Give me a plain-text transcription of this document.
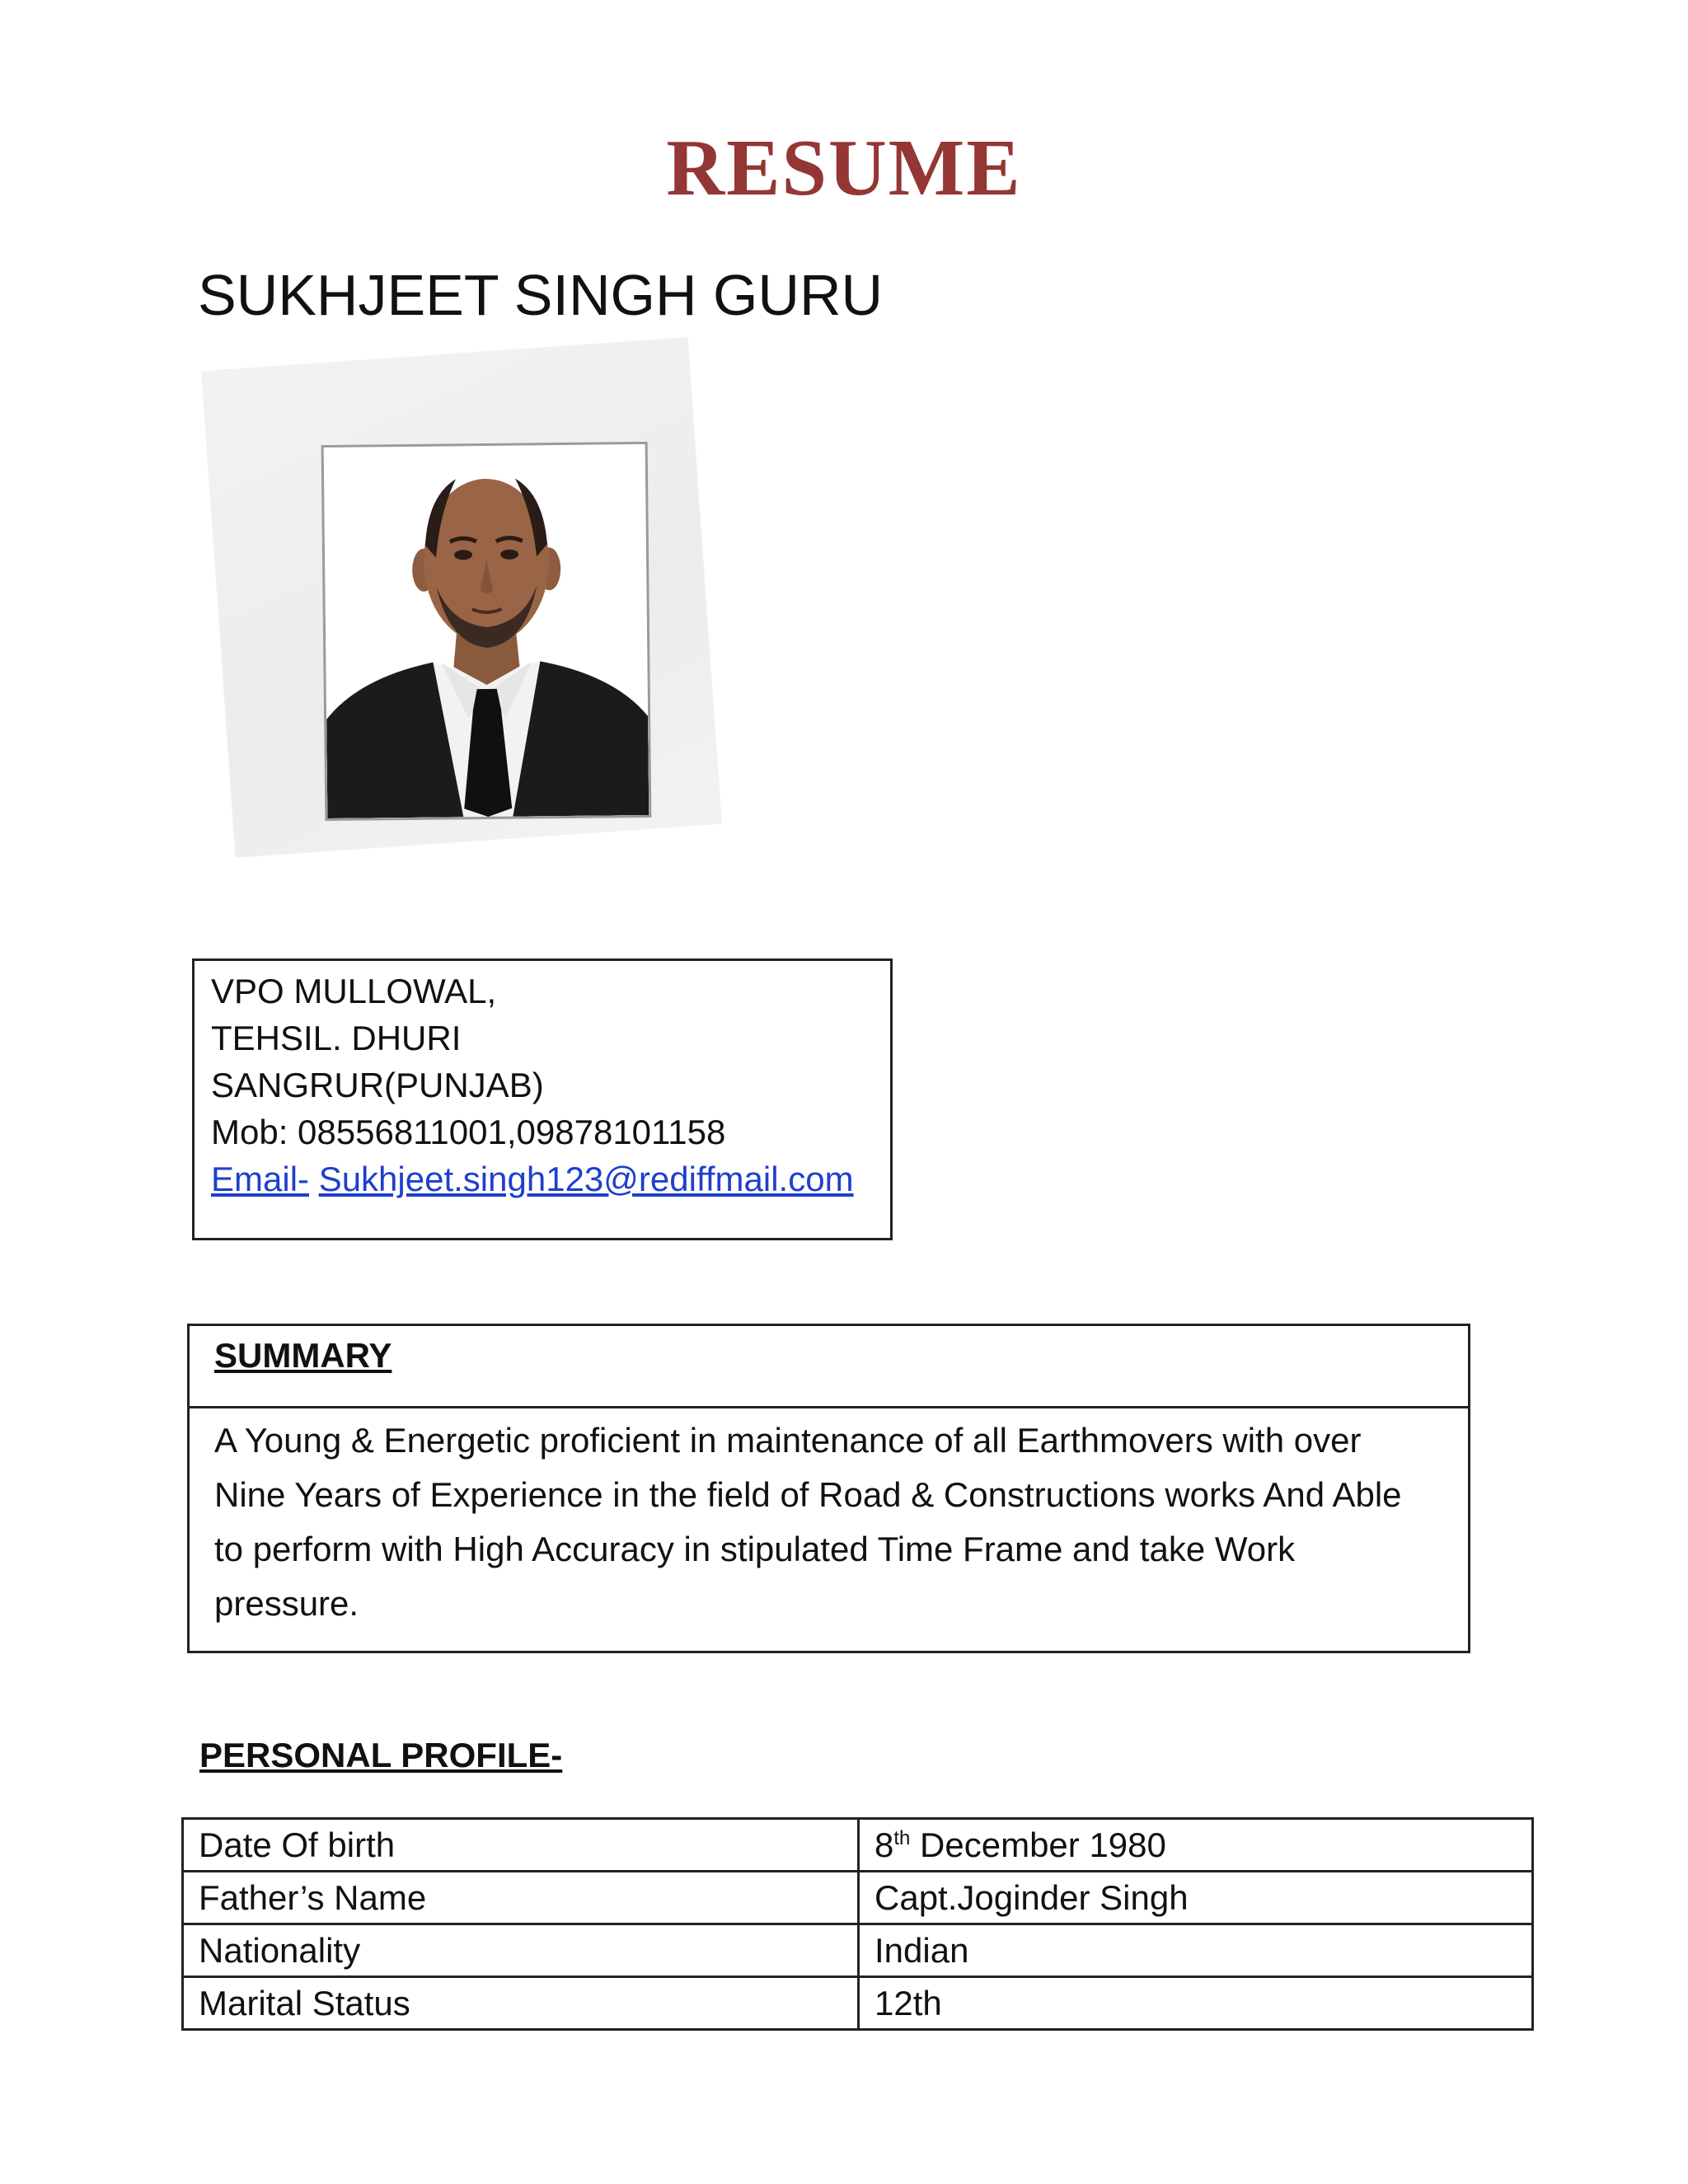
RESUME
SUKHJEET SINGH GURU
VPO MULLOWAL,
TEHSIL. DHURI
SANGRUR(PUNJAB)
Mob: 08556811001,09878101158
Email- Sukhjeet.singh123@rediffmail.com
SUMMARY
A Young & Energetic proficient in maintenance of all Earthmovers with over
Nine Years of Experience in the field of Road & Constructions works And Able
to perform with High Accuracy in stipulated Time Frame and take Work
pressure.
PERSONAL PROFILE-
Date Of birth	8th December 1980
Father’s Name	Capt.Joginder Singh
Nationality	Indian
Marital Status	12th
